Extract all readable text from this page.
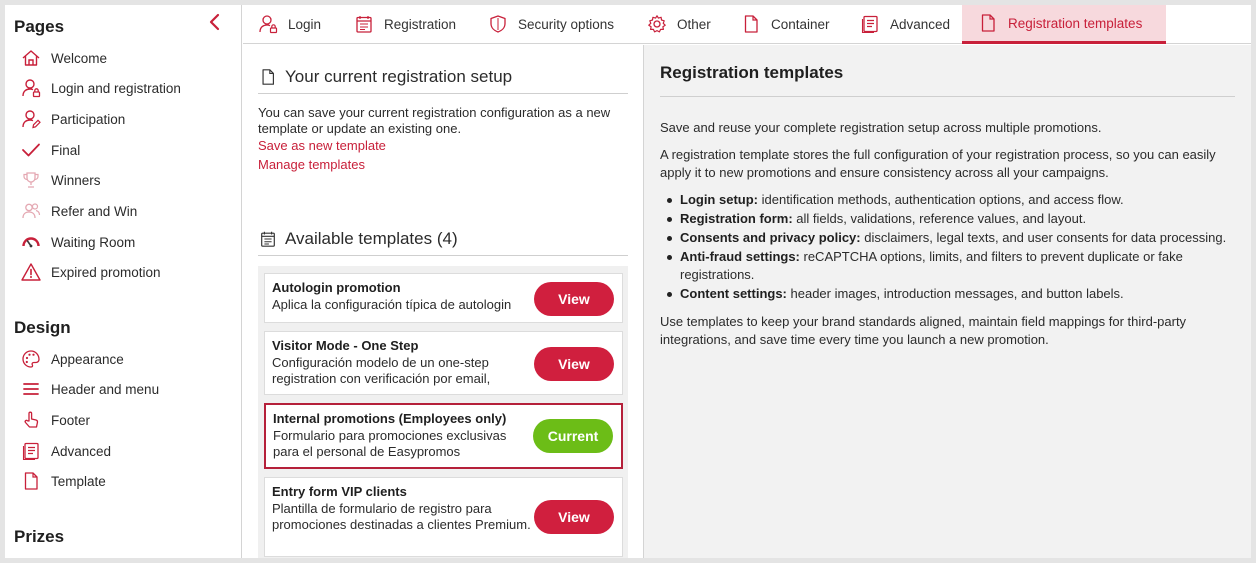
Pages
Welcome
Login and registration
Participation
Final
Winners
Refer and Win
Waiting Room
Expired promotion
Design
Appearance
Header and menu
Footer
Advanced
Template
Prizes
Login	Registration	Security options	Other	Container	Advanced	Registration templates
Your current registration setup
You can save your current registration configuration as a new template or update an existing one.
Save as new template
Manage templates
Available templates (4)
Autologin promotion
Aplica la configuración típica de autologin	View
Visitor Mode - One Step
Configuración modelo de un one-step registration con verificación por email,
View
Internal promotions (Employees only)
Formulario para promociones exclusivas para el personal de Easypromos
Current
Entry form VIP clients
Plantilla de formulario de registro para promociones destinadas a clientes Premium.	View
Registration templates
Save and reuse your complete registration setup across multiple promotions.
A registration template stores the full configuration of your registration process, so you can easily apply it to new promotions and ensure consistency across all your campaigns.
Login setup: identification methods, authentication options, and access flow.
Registration form: all fields, validations, reference values, and layout.
Consents and privacy policy: disclaimers, legal texts, and user consents for data processing.
Anti-fraud settings: reCAPTCHA options, limits, and filters to prevent duplicate or fake registrations.
Content settings: header images, introduction messages, and button labels.
Use templates to keep your brand standards aligned, maintain field mappings for third-party integrations, and save time every time you launch a new promotion.
